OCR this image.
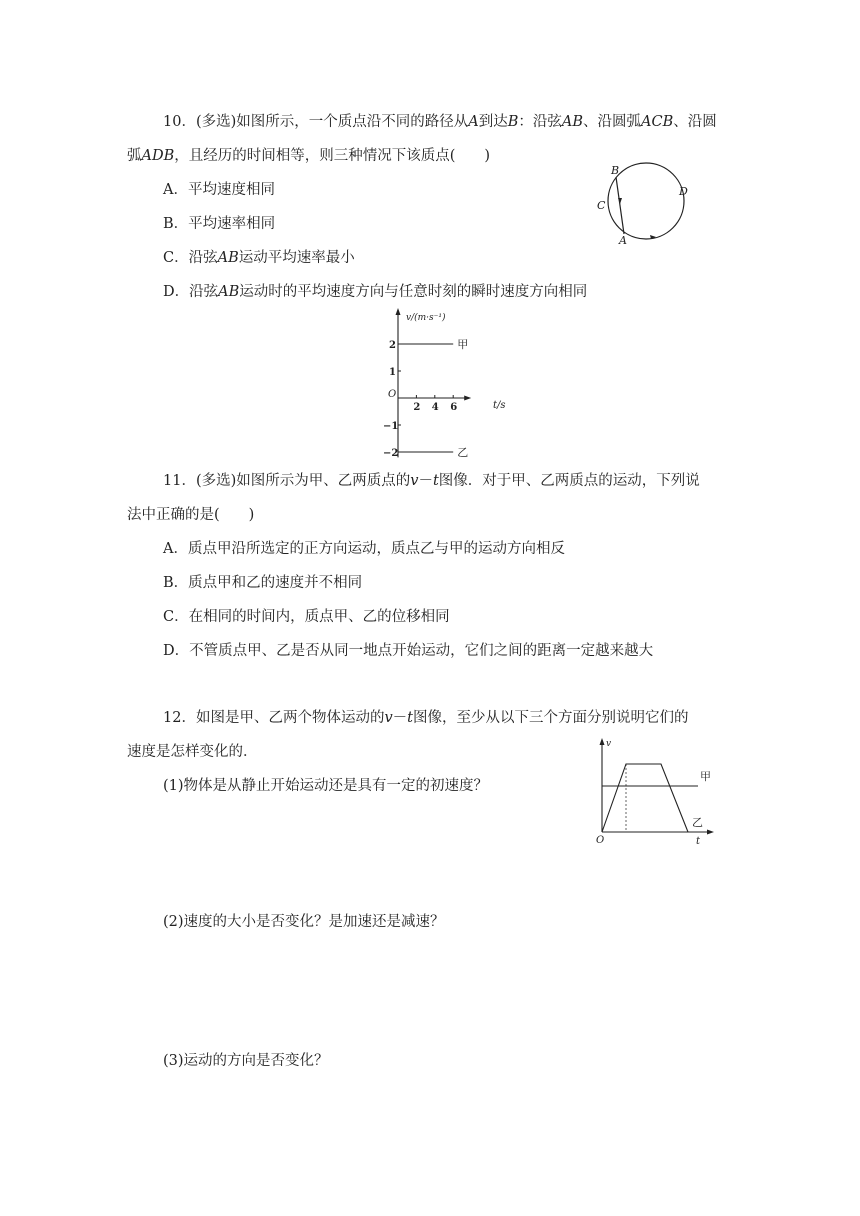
10．(多选)如图所示，一个质点沿不同的路径从A到达B：沿弦AB、沿圆弧ACB、沿圆
弧ADB，且经历的时间相等，则三种情况下该质点(　　)
A．平均速度相同
B．平均速率相同
C．沿弦AB运动平均速率最小
D．沿弦AB运动时的平均速度方向与任意时刻的瞬时速度方向相同
B
C
D
A
2 4 6
2
1
O
−1
−2
甲
乙
v/(m·s⁻¹)
t/s
11．(多选)如图所示为甲、乙两质点的v－t图像．对于甲、乙两质点的运动，下列说
法中正确的是(　　)
A．质点甲沿所选定的正方向运动，质点乙与甲的运动方向相反
B．质点甲和乙的速度并不相同
C．在相同的时间内，质点甲、乙的位移相同
D．不管质点甲、乙是否从同一地点开始运动，它们之间的距离一定越来越大
12．如图是甲、乙两个物体运动的v－t图像，至少从以下三个方面分别说明它们的
速度是怎样变化的．
(1)物体是从静止开始运动还是具有一定的初速度？
v
t
O
甲
乙
(2)速度的大小是否变化？是加速还是减速？
(3)运动的方向是否变化？
